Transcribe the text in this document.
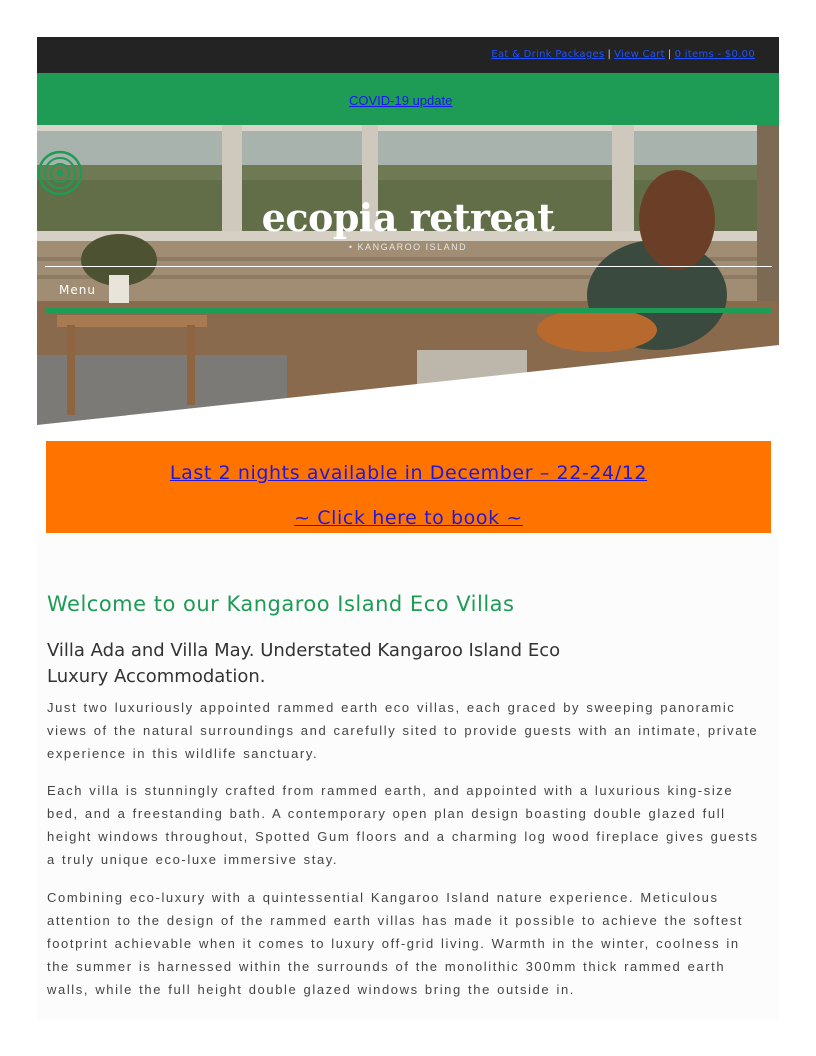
Eat & Drink Packages | View Cart | 0 items - $0.00
COVID-19 update
ecopia retreat
• KANGAROO ISLAND
Menu
Last 2 nights available in December – 22-24/12
~ Click here to book ~
Welcome to our Kangaroo Island Eco Villas
Villa Ada and Villa May. Understated Kangaroo Island Eco Luxury Accommodation.

Just two luxuriously appointed rammed earth eco villas, each graced by sweeping panoramic views of the natural surroundings and carefully sited to provide guests with an intimate, private experience in this wildlife sanctuary.

Each villa is stunningly crafted from rammed earth, and appointed with a luxurious king-size bed, and a freestanding bath. A contemporary open plan design boasting double glazed full height windows throughout, Spotted Gum floors and a charming log wood fireplace gives guests a truly unique eco-luxe immersive stay.

Combining eco-luxury with a quintessential Kangaroo Island nature experience. Meticulous attention to the design of the rammed earth villas has made it possible to achieve the softest footprint achievable when it comes to luxury off-grid living. Warmth in the winter, coolness in the summer is harnessed within the surrounds of the monolithic 300mm thick rammed earth walls, while the full height double glazed windows bring the outside in.
